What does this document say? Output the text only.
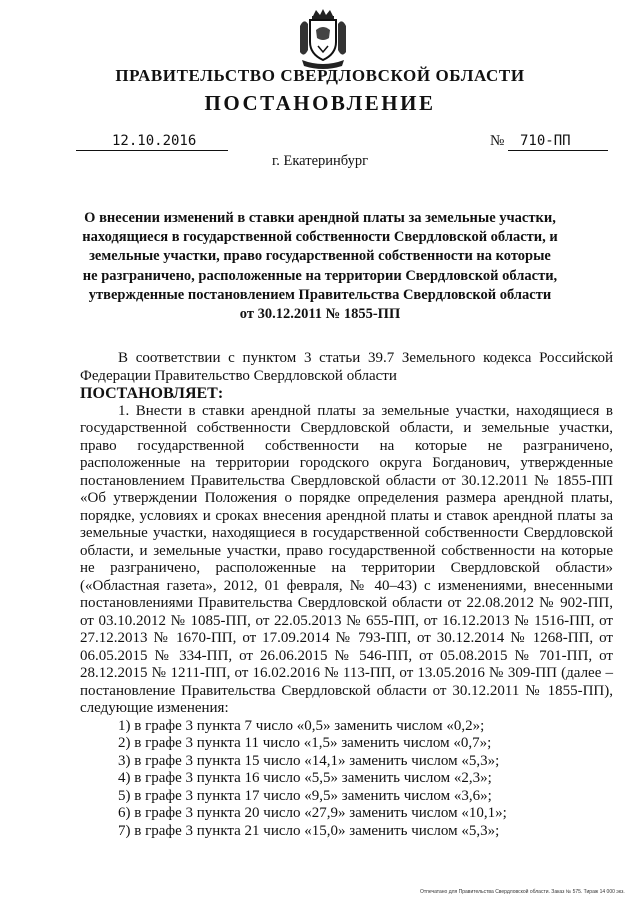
ПРАВИТЕЛЬСТВО СВЕРДЛОВСКОЙ ОБЛАСТИ
ПОСТАНОВЛЕНИЕ
12.10.2016	№ 710-ПП
г. Екатеринбург
О внесении изменений в ставки арендной платы за земельные участки, находящиеся в государственной собственности Свердловской области, и земельные участки, право государственной собственности на которые не разграничено, расположенные на территории Свердловской области, утвержденные постановлением Правительства Свердловской области от 30.12.2011 № 1855-ПП

В соответствии с пунктом 3 статьи 39.7 Земельного кодекса Российской Федерации Правительство Свердловской области

ПОСТАНОВЛЯЕТ:

1. Внести в ставки арендной платы за земельные участки, находящиеся в государственной собственности Свердловской области, и земельные участки, право государственной собственности на которые не разграничено, расположенные на территории городского округа Богданович, утвержденные постановлением Правительства Свердловской области от 30.12.2011 № 1855-ПП «Об утверждении Положения о порядке определения размера арендной платы, порядке, условиях и сроках внесения арендной платы и ставок арендной платы за земельные участки, находящиеся в государственной собственности Свердловской области, и земельные участки, право государственной собственности на которые не разграничено, расположенные на территории Свердловской области» («Областная газета», 2012, 01 февраля, № 40–43) с изменениями, внесенными постановлениями Правительства Свердловской области от 22.08.2012 № 902-ПП, от 03.10.2012 № 1085-ПП, от 22.05.2013 № 655-ПП, от 16.12.2013 № 1516-ПП, от 27.12.2013 № 1670-ПП, от 17.09.2014 № 793-ПП, от 30.12.2014 № 1268-ПП, от 06.05.2015 № 334-ПП, от 26.06.2015 № 546-ПП, от 05.08.2015 № 701-ПП, от 28.12.2015 № 1211-ПП, от 16.02.2016 № 113-ПП, от 13.05.2016 № 309-ПП (далее – постановление Правительства Свердловской области от 30.12.2011 № 1855-ПП), следующие изменения:

1) в графе 3 пункта 7 число «0,5» заменить числом «0,2»;

2) в графе 3 пункта 11 число «1,5» заменить числом «0,7»;

3) в графе 3 пункта 15 число «14,1» заменить числом «5,3»;

4) в графе 3 пункта 16 число «5,5» заменить числом «2,3»;

5) в графе 3 пункта 17 число «9,5» заменить числом «3,6»;

6) в графе 3 пункта 20 число «27,9» заменить числом «10,1»;

7) в графе 3 пункта 21 число «15,0» заменить числом «5,3»;

Отпечатано для Правительства Свердловской области. Заказ № 575. Тираж 14 000 экз.
